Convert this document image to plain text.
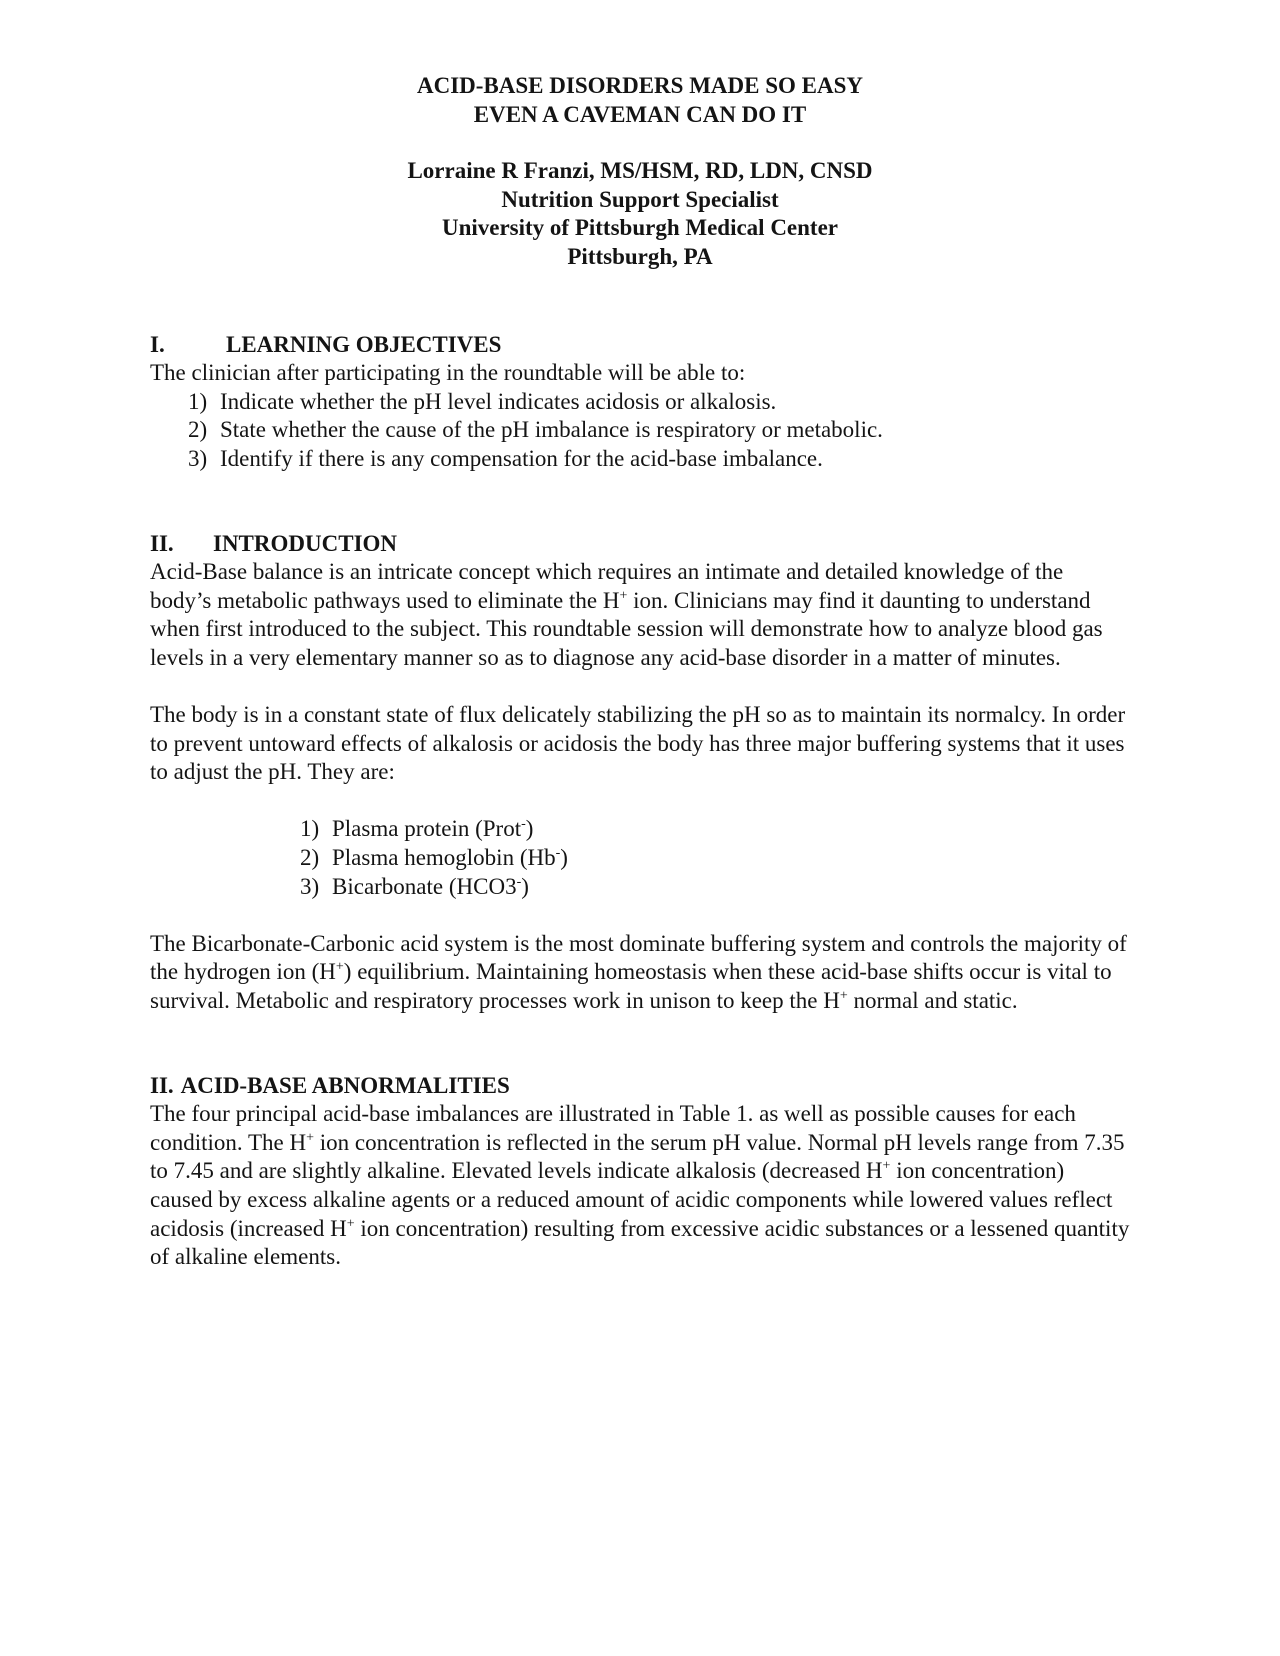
ACID-BASE DISORDERS MADE SO EASY
EVEN A CAVEMAN CAN DO IT
Lorraine R Franzi, MS/HSM, RD, LDN, CNSD
Nutrition Support Specialist
University of Pittsburgh Medical Center
Pittsburgh, PA
I.	LEARNING OBJECTIVES

The clinician after participating in the roundtable will be able to:

1) Indicate whether the pH level indicates acidosis or alkalosis.
2) State whether the cause of the pH imbalance is respiratory or metabolic.
3) Identify if there is any compensation for the acid-base imbalance.
II.	INTRODUCTION

Acid-Base balance is an intricate concept which requires an intimate and detailed knowledge of the body’s metabolic pathways used to eliminate the H+ ion. Clinicians may find it daunting to understand when first introduced to the subject. This roundtable session will demonstrate how to analyze blood gas levels in a very elementary manner so as to diagnose any acid-base disorder in a matter of minutes.

The body is in a constant state of flux delicately stabilizing the pH so as to maintain its normalcy. In order to prevent untoward effects of alkalosis or acidosis the body has three major buffering systems that it uses to adjust the pH. They are:

1) Plasma protein (Prot-)
2) Plasma hemoglobin (Hb-)
3) Bicarbonate (HCO3-)

The Bicarbonate-Carbonic acid system is the most dominate buffering system and controls the majority of the hydrogen ion (H+) equilibrium. Maintaining homeostasis when these acid-base shifts occur is vital to survival. Metabolic and respiratory processes work in unison to keep the H+ normal and static.

II. ACID-BASE ABNORMALITIES

The four principal acid-base imbalances are illustrated in Table 1. as well as possible causes for each condition. The H+ ion concentration is reflected in the serum pH value. Normal pH levels range from 7.35 to 7.45 and are slightly alkaline. Elevated levels indicate alkalosis (decreased H+ ion concentration) caused by excess alkaline agents or a reduced amount of acidic components while lowered values reflect acidosis (increased H+ ion concentration) resulting from excessive acidic substances or a lessened quantity of alkaline elements.
